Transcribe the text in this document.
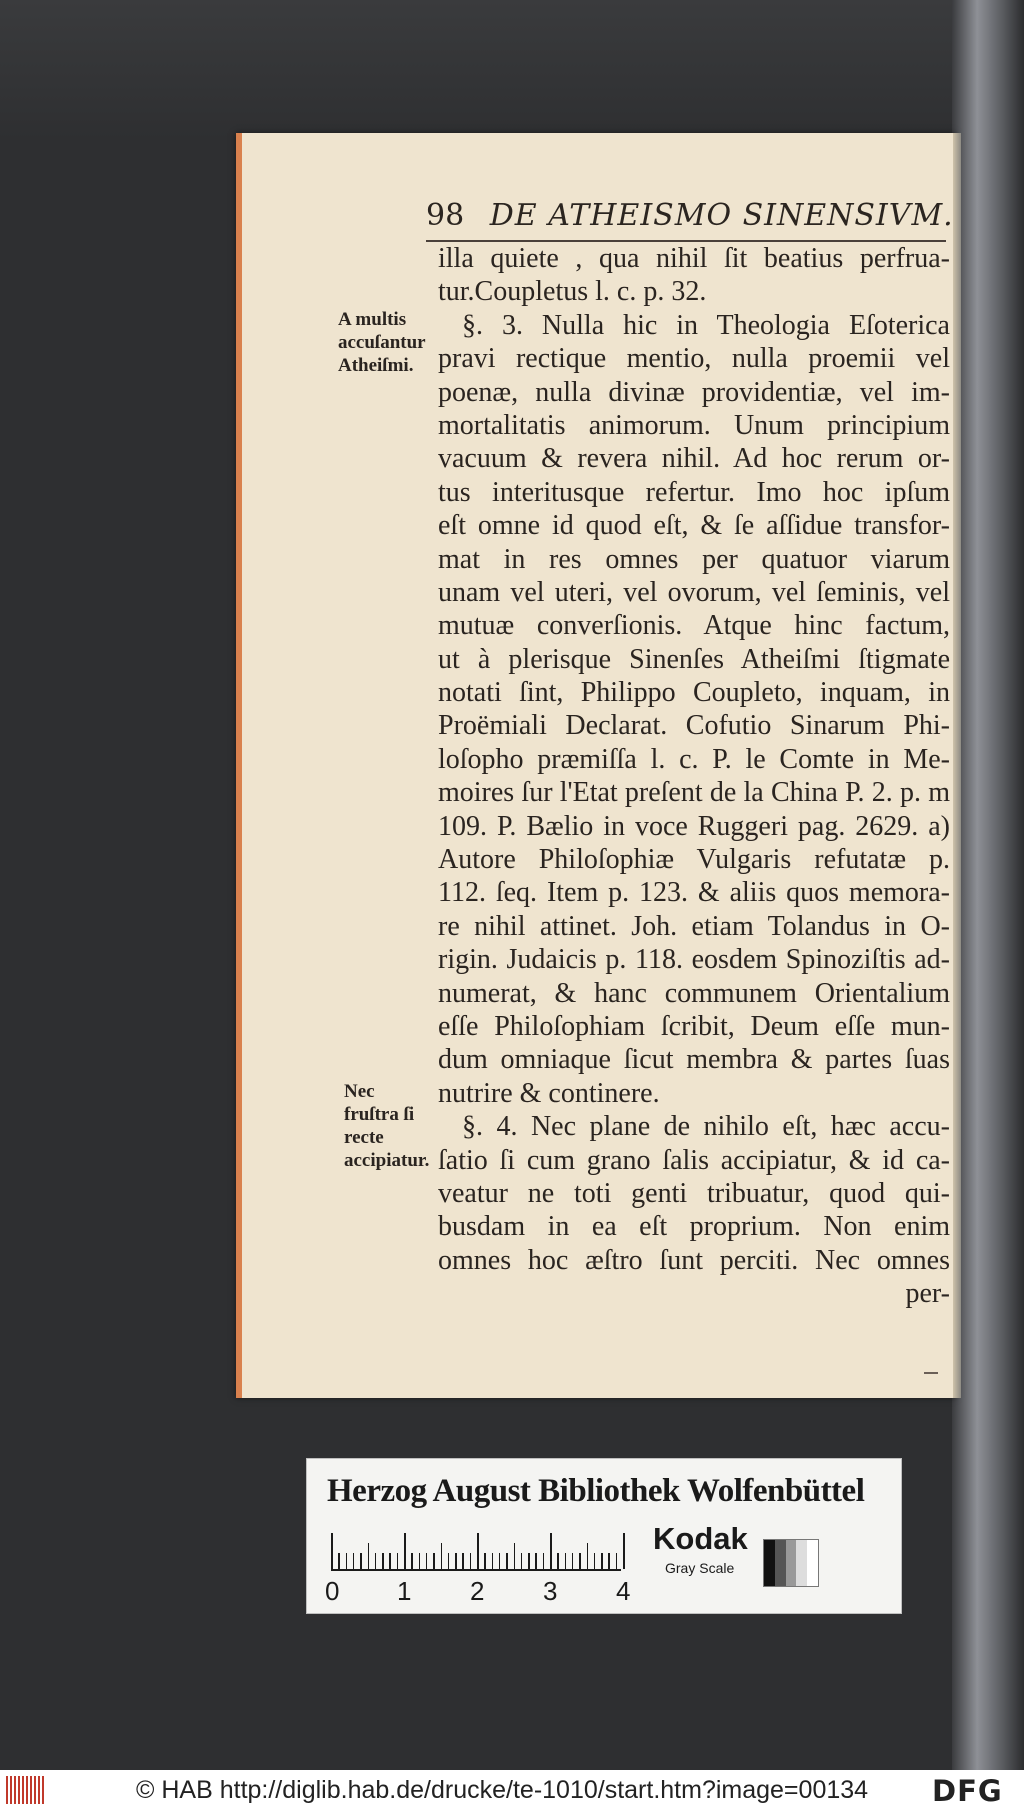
98 DE ATHEISMO SINENSIVM.
illa quiete , qua nihil ſit beatius perfrua-
tur.Coupletus l. c. p. 32.
§. 3. Nulla hic in Theologia Eſoterica
pravi rectique mentio, nulla proemii vel
poenæ, nulla divinæ providentiæ, vel im-
mortalitatis animorum. Unum principium
vacuum & revera nihil. Ad hoc rerum or-
tus interitusque refertur. Imo hoc ipſum
eſt omne id quod eſt, & ſe aſſidue transfor-
mat in res omnes per quatuor viarum
unam vel uteri, vel ovorum, vel ſeminis, vel
mutuæ converſionis. Atque hinc factum,
ut à plerisque Sinenſes Atheiſmi ſtigmate
notati ſint, Philippo Coupleto, inquam, in
Proëmiali Declarat. Cofutio Sinarum Phi-
loſopho præmiſſa l. c. P. le Comte in Me-
moires ſur l'Etat preſent de la China P. 2. p. m
109. P. Bælio in voce Ruggeri pag. 2629. a)
Autore Philoſophiæ Vulgaris refutatæ p.
112. ſeq. Item p. 123. & aliis quos memora-
re nihil attinet. Joh. etiam Tolandus in O-
rigin. Judaicis p. 118. eosdem Spinoziſtis ad-
numerat, & hanc communem Orientalium
eſſe Philoſophiam ſcribit, Deum eſſe mun-
dum omniaque ſicut membra & partes ſuas
nutrire & continere.
§. 4. Nec plane de nihilo eſt, hæc accu-
ſatio ſi cum grano ſalis accipiatur, & id ca-
veatur ne toti genti tribuatur, quod qui-
busdam in ea eſt proprium. Non enim
omnes hoc æſtro ſunt perciti. Nec omnes
per-
A multis accuſantur Atheiſmi.
Nec fruſtra ſi recte accipiatur.
Herzog August Bibliothek Wolfenbüttel
0 1 2 3 4
Kodak
Gray Scale
© HAB http://diglib.hab.de/drucke/te-1010/start.htm?image=00134 DFG
